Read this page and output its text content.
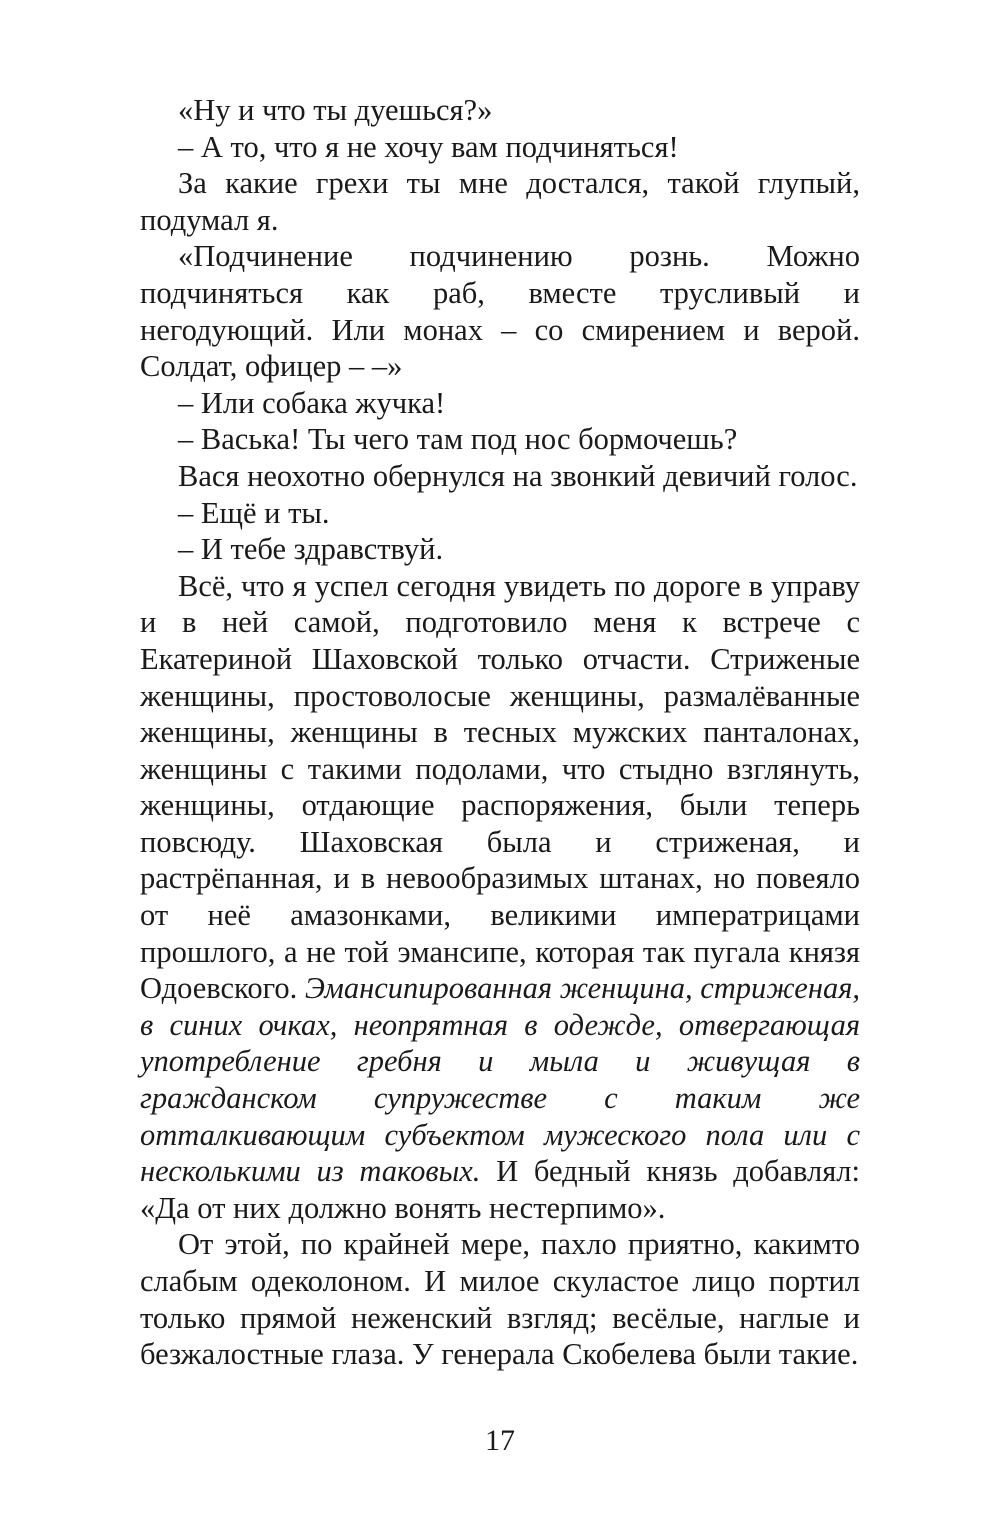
«Ну и что ты дуешься?»

– А то, что я не хочу вам подчиняться!

За какие грехи ты мне достался, такой глупый, подумал я.

«Подчинение подчинению рознь. Можно подчиняться как раб, вместе трусливый и негодующий. Или монах – со смирением и верой. Солдат, офицер – –»

– Или собака жучка!

– Васька! Ты чего там под нос бормочешь?

Вася неохотно обернулся на звонкий девичий голос.

– Ещё и ты.

– И тебе здравствуй.

Всё, что я успел сегодня увидеть по дороге в управу и в ней самой, подготовило меня к встрече с Екатериной Шаховской только отчасти. Стриженые женщины, простоволосые женщины, размалёванные женщины, женщины в тесных мужских панталонах, женщины с такими подолами, что стыдно взглянуть, женщины, отдающие распоряжения, были теперь повсюду. Шаховская была и стриженая, и растрёпанная, и в невообразимых штанах, но повеяло от неё амазонками, великими императрицами прошлого, а не той эмансипе, которая так пугала князя Одоевского. Эмансипированная женщина, стриженая, в синих очках, неопрятная в одежде, отвергающая употребление гребня и мыла и живущая в гражданском супружестве с таким же отталкивающим субъектом мужеского пола или с несколькими из таковых. И бедный князь добавлял: «Да от них должно вонять нестерпимо».

От этой, по крайней мере, пахло приятно, какимто слабым одеколоном. И милое скуластое лицо портил только прямой неженский взгляд; весёлые, наглые и безжалостные глаза. У генерала Скобелева были такие.

17
